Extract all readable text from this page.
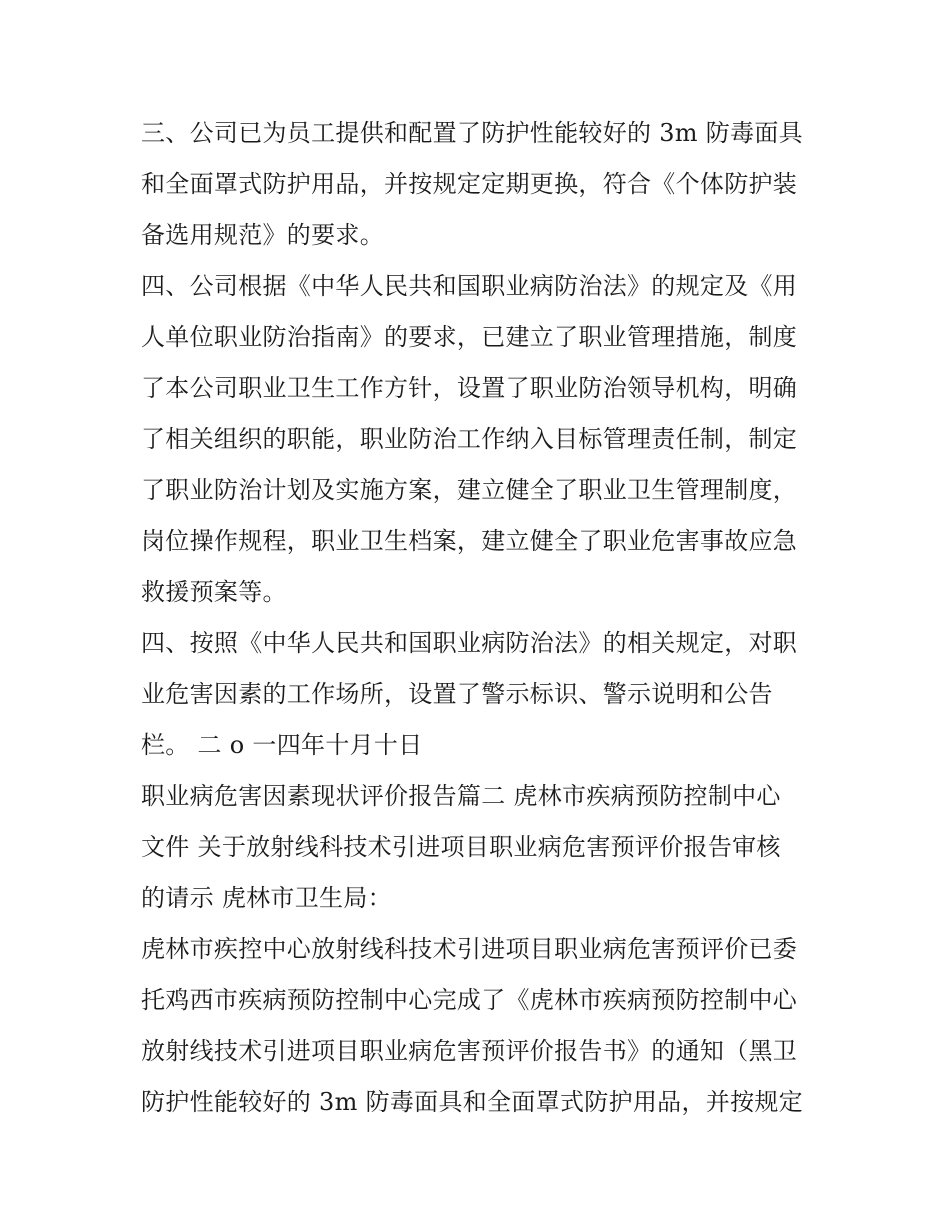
三、公司已为员工提供和配置了防护性能较好的 3m 防毒面具
和全面罩式防护用品，并按规定定期更换，符合《个体防护装
备选用规范》的要求。
四、公司根据《中华人民共和国职业病防治法》的规定及《用
人单位职业防治指南》的要求，已建立了职业管理措施，制度
了本公司职业卫生工作方针，设置了职业防治领导机构，明确
了相关组织的职能，职业防治工作纳入目标管理责任制，制定
了职业防治计划及实施方案，建立健全了职业卫生管理制度，
岗位操作规程，职业卫生档案，建立健全了职业危害事故应急
救援预案等。
四、按照《中华人民共和国职业病防治法》的相关规定，对职
业危害因素的工作场所，设置了警示标识、警示说明和公告
栏。 二 o 一四年十月十日
职业病危害因素现状评价报告篇二 虎林市疾病预防控制中心
文件 关于放射线科技术引进项目职业病危害预评价报告审核
的请示 虎林市卫生局：
虎林市疾控中心放射线科技术引进项目职业病危害预评价已委
托鸡西市疾病预防控制中心完成了《虎林市疾病预防控制中心
放射线技术引进项目职业病危害预评价报告书》的通知（黑卫
防护性能较好的 3m 防毒面具和全面罩式防护用品，并按规定
